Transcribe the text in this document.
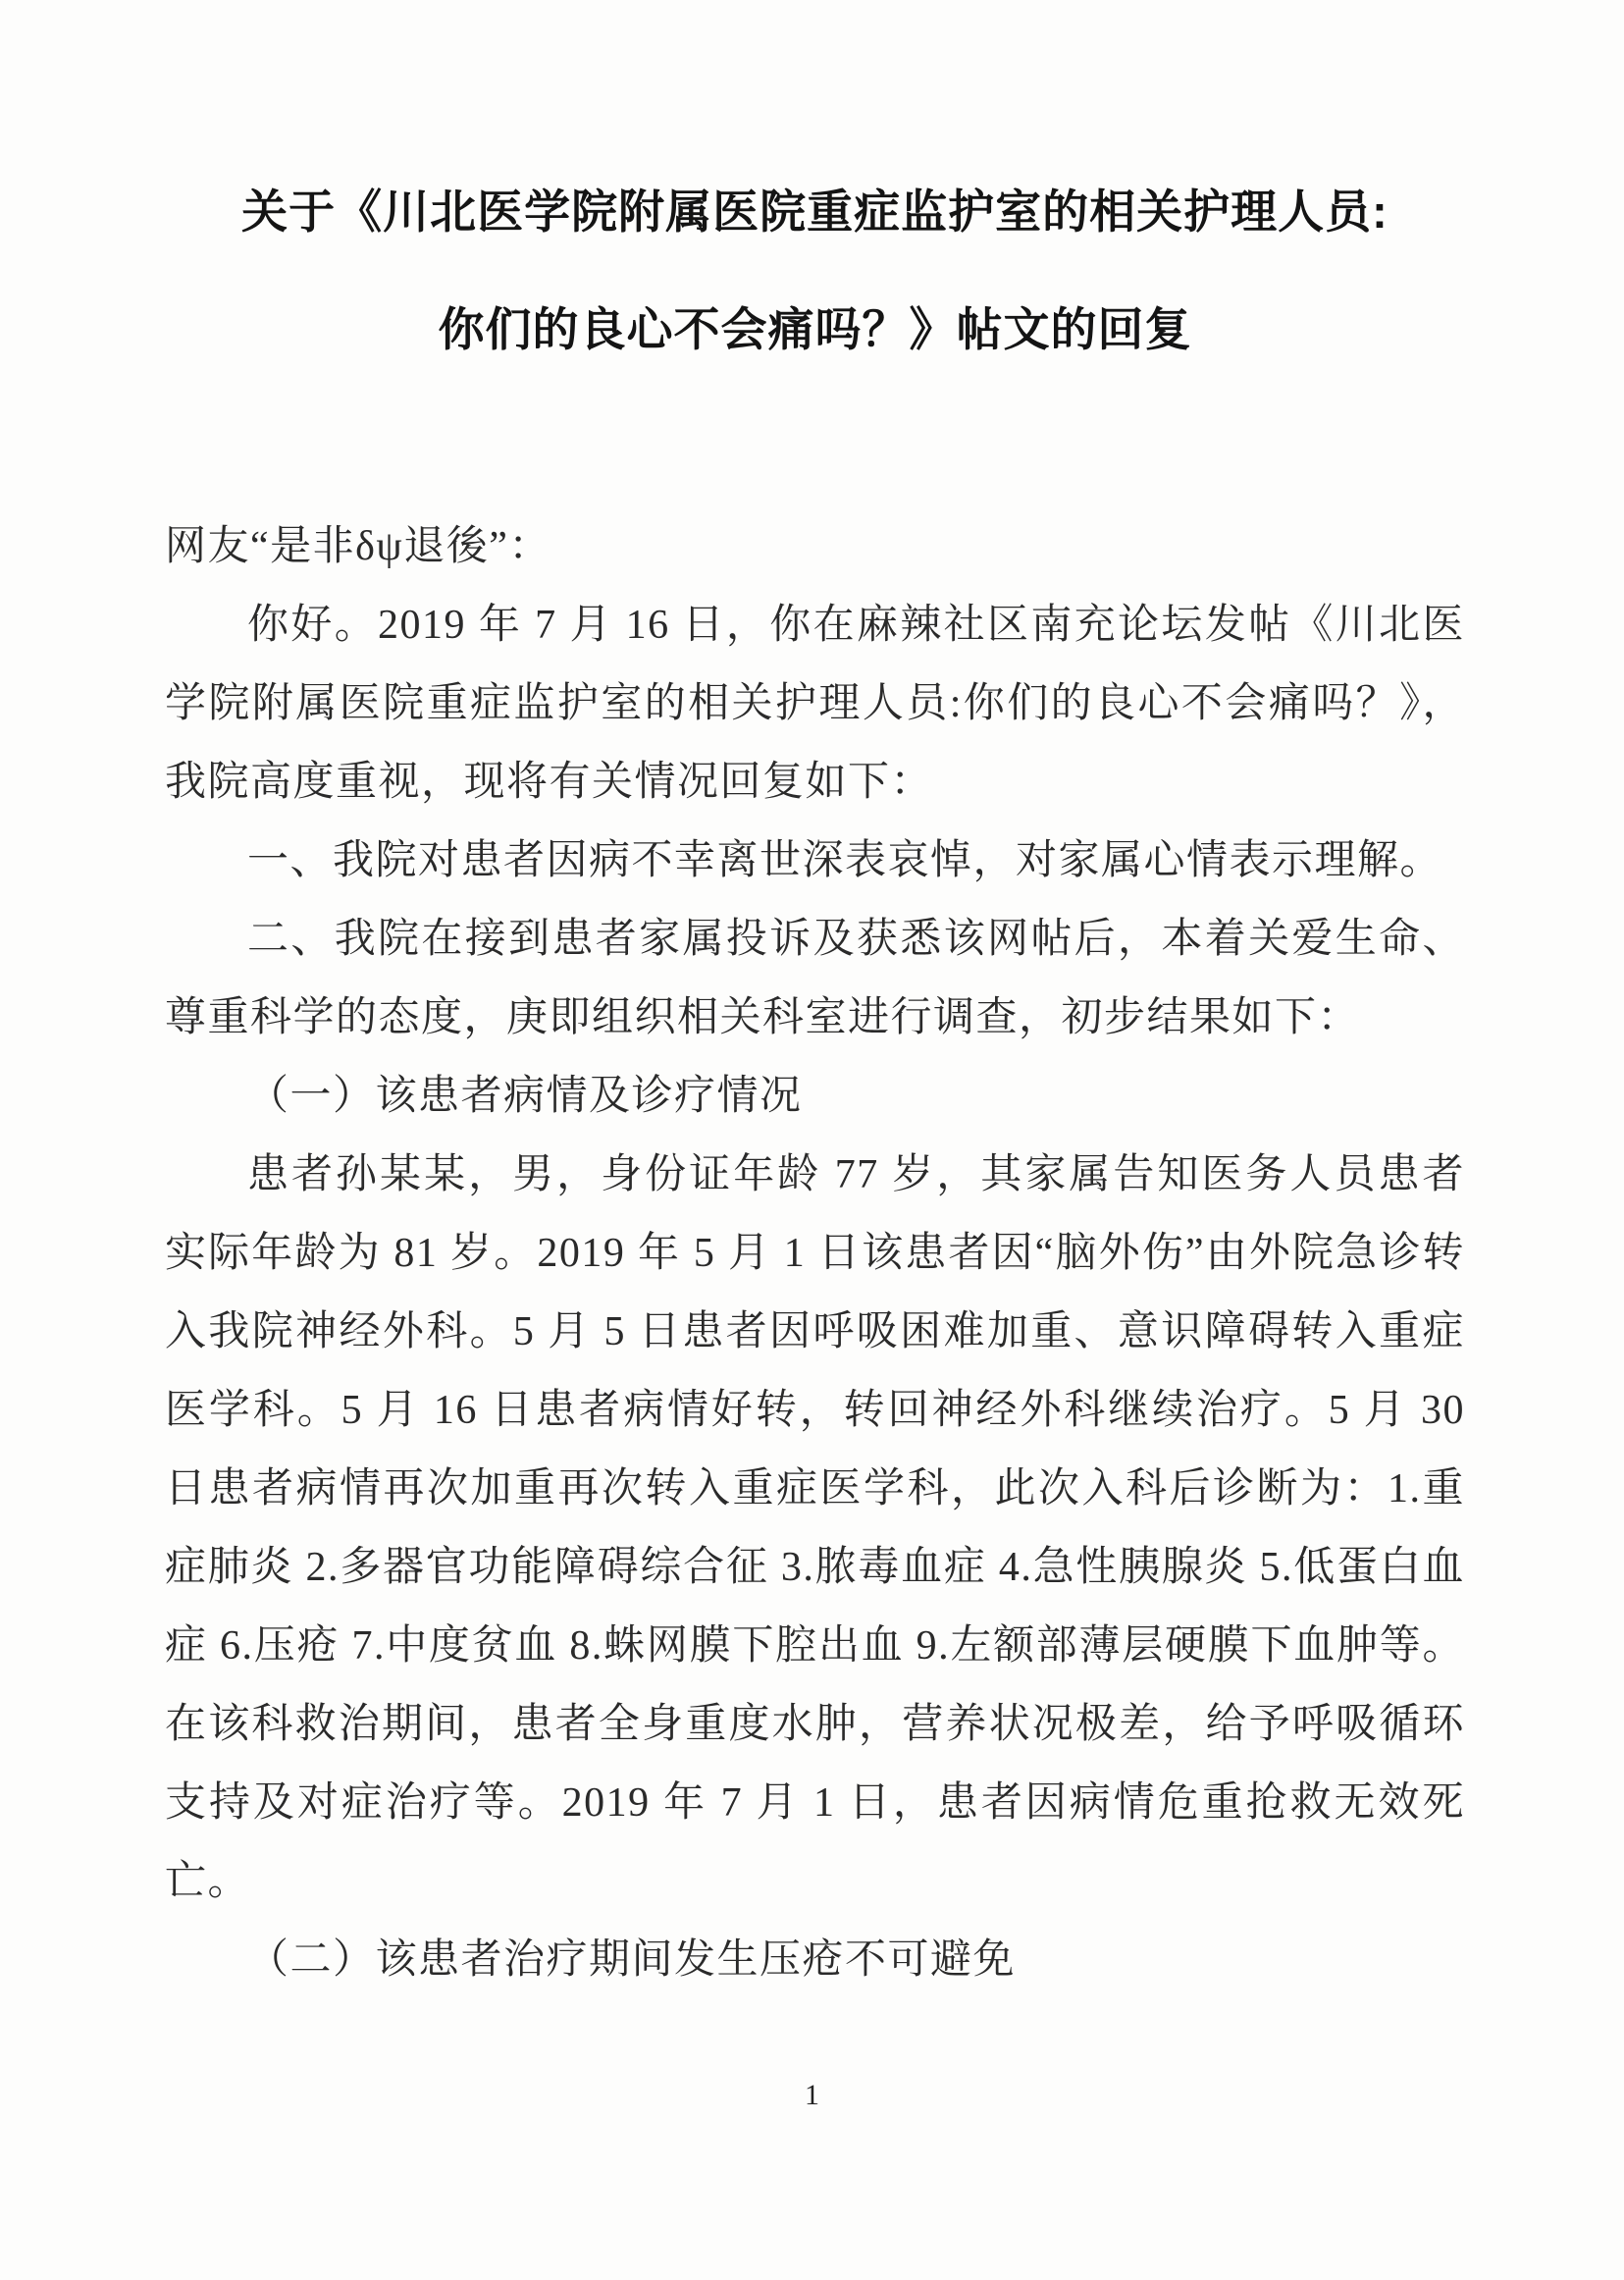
关于《川北医学院附属医院重症监护室的相关护理人员:
你们的良心不会痛吗？》帖文的回复

网友“是非δψ退後”：

你好。2019 年 7 月 16 日，你在麻辣社区南充论坛发帖《川北医学院附属医院重症监护室的相关护理人员:你们的良心不会痛吗？》，我院高度重视，现将有关情况回复如下：

一、我院对患者因病不幸离世深表哀悼，对家属心情表示理解。

二、我院在接到患者家属投诉及获悉该网帖后，本着关爱生命、尊重科学的态度，庚即组织相关科室进行调查，初步结果如下：

（一）该患者病情及诊疗情况

患者孙某某，男，身份证年龄 77 岁，其家属告知医务人员患者实际年龄为 81 岁。2019 年 5 月 1 日该患者因“脑外伤”由外院急诊转入我院神经外科。5 月 5 日患者因呼吸困难加重、意识障碍转入重症医学科。5 月 16 日患者病情好转，转回神经外科继续治疗。5 月 30 日患者病情再次加重再次转入重症医学科，此次入科后诊断为：1.重症肺炎 2.多器官功能障碍综合征 3.脓毒血症 4.急性胰腺炎 5.低蛋白血症 6.压疮 7.中度贫血 8.蛛网膜下腔出血 9.左额部薄层硬膜下血肿等。在该科救治期间，患者全身重度水肿，营养状况极差，给予呼吸循环支持及对症治疗等。2019 年 7 月 1 日，患者因病情危重抢救无效死亡。

（二）该患者治疗期间发生压疮不可避免

1
